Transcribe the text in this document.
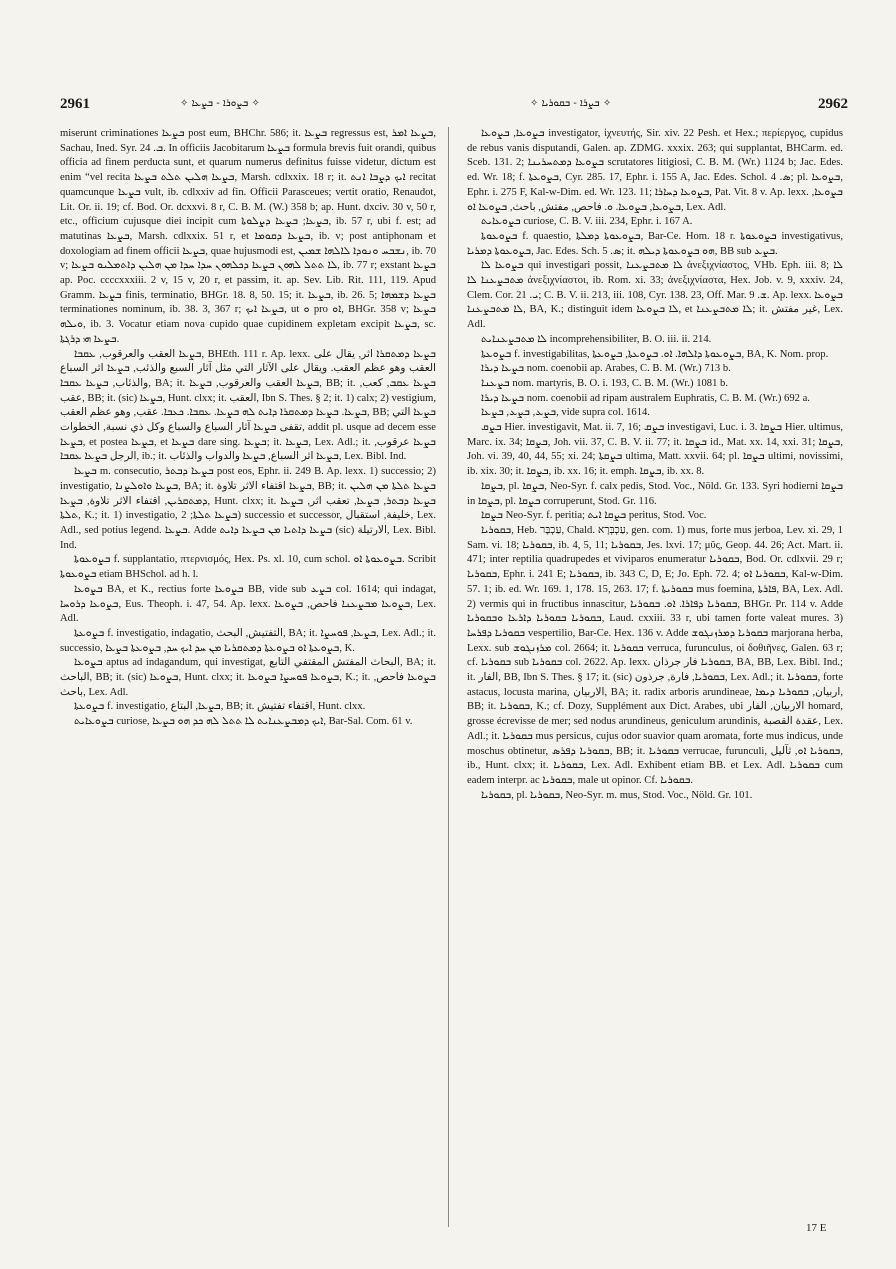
2961	✧ ܒܨܘܪܐ - ܒܨܥܐ ✧	✧ ܒܨܪܐ - ܒܩܘܪܝܐ ✧	2962

miserunt criminationes ܒܨܥܐ post eum, BHChr. 586; it. ܒܨܥܐ regressus est, ܒܨܥܐ ܐܡܪ, Sachau, Ined. Syr. ܒ. 24. In officiis Jacobitarum ܒܨܥܐ formula brevis fuit orandi, quibus officia ad finem perducta sunt, et quarum numerus definitus fuisse videtur, dictum est enim “vel recita ܒܨܥܐ ܗܠܝܢ ܬܠܬ ܒܨܥܐ, Marsh. cdlxxix. 18 r; it. ܐܝܟ ܕܨܒܐ ܐܢܬ recitat quamcunque ܒܨܥܐ vult, ib. cdlxxiv ad fin. Officii Parasceues; vertit oratio, Renaudot, Lit. Or. ii. 19; cf. Bod. Or. dcxxvi. 8 r, C. B. M. (W.) 358 b; ap. Hunt. dxciv. 30 v, 50 r, etc., officium cujusque diei incipit cum ܒܨܥܐ; ܒܨܥܐ ܕܨܠܘܬܐ, ib. 57 r, ubi f. est; ad matutinas ܒܨܥܐ, Marsh. cdlxxix. 51 r, et ܒܨܥܐ ܕܩܘܡܐ, ib. v; post antiphonam et doxologiam ad finem officii ܒܨܥܐ, quae hujusmodi est, ܢܫܒܚ ܘܢܘܕܐ ܠܐܠܗܐ ܫܡܝܢ, ib. 70 v; ܠܐ ܬܬܠ ܠܗܘܢ ܒܨܥܐ ܕܟܠܗܘܢ ܚܕܐ ܚܕܐ ܡܢ ܗܠܝܢ ܕܐܬܡܠܝܘ ܒܨܥܐ, ib. 77 r; exstant ܒܨܥܐ ap. Poc. ccccxxxiii. 2 v, 15 v, 20 r, et passim, it. ap. Sev. Lib. Rit. 111, 119. Apud Gramm. ܒܨܥܐ finis, terminatio, BHGr. 18. 8, 50. 15; it. ܒܨܥܐ, ib. 26. 5; ܒܨܥܐ ܕܫܡܗܐ terminationes nominum, ib. 38. 3, 367 r; ܒܨܥܐ ܐܝܟ, ut ܘ pro ܐܘ, BHGr. 358 v; ܒܨܥܐ ܘܝܠܗ, ib. 3. Vocatur etiam nova cupido quae cupidinem expletam excipit ܒܨܥܐ, sc. ܒܨܥܐ ܗܝ ܕܪܓܬܐ.

ܒܨܥܐ العقب والعرقوب, ܥܩܒܐ, BHEth. 111 r. Ap. lexx. ܒܨܥܐ ܕܡܬܩܪܐ اثر, يقال على العقب وهو عظم العقب. ويقال على الآثار التي مثل آثار السبع والذئب, ܒܨܥܐ اثر السباع والذئاب, ܒܨܥܐ ܥܩܒܐ, BA; it. ܒܨܥܐ العقب والعرقوب, ܒܨܥܐ, BB; it. ܒܨܥܐ ܥܩܒ, كعب, عقب, BB; it. (sic) ܒܨܥܐ, Hunt. clxx; it. العقب, Ibn S. Thes. § 2; it. 1) calx; 2) vestigium, ܒܨܥܐ. ܒܨܥܐ ܕܡܬܩܪܐ ܕܐܝܬ ܠܗ ܒܨܥܐ. ܥܩܒܐ. ܟܥܒܐ. عقب, وهو عظم العقب, BB; ܒܨܥܐ التي تقفى ܒܨܥܐ آثار السباع والسباع وكل ذي نسبة, الخطوات, addit pl. usque ad decem esse ܒܨܥܐ, et postea ܒܨܥܐ, et ܒܨܥܐ dare sing. ܒܨܥܐ; it. ܒܨܥܐ, Lex. Adl.; it. ܒܨܥܐ عرقوب, الرجل ܒܨܥܐ ܥܩܒܐ, ib.; it. ܒܨܥܐ اثر السباع, ܒܨܥܐ والدواب والذئاب, Lex. Bibl. Ind.

ܒܨܥܐ m. consecutio, ܒܨܥܐ ܕܒܬܪ post eos, Ephr. ii. 249 B. Ap. lexx. 1) successio; 2) investigatio, ܒܨܥܐ ܘܐܘܠܨܢܐ, BA; it. ܒܨܥܐ اقتفاء الاثر تلاوة, BB; it. ܒܨܥܐ ܬܠܬܐ ܡܢ ܗܠܝܢ ܕܡܬܩܪܝܢ, اقتفاء الاثر تلاوة, ܒܨܥܐ, Hunt. clxx; it. ܒܨܥܐ ܕܒܬܪ, ܒܨܥܐ, تعقب اثر, ܒܨܥܐ ܬܠܬܐ, K.; it. 1) investigatio, ܒܨܥܐ ܬܠܬܐ; 2) successio et successor, خليفة, استقبال, Lex. Adl., sed potius legend. ܒܨܥܐ. Adde ܒܨܥܐ ܕܐܬܝܐ ܡܢ ܒܨܥܐ ܕܐܝܬ (sic) الارتيلة, Lex. Bibl. Ind.

ܒܨܘܥܘܬܐ f. supplantatio, πτερνισμός, Hex. Ps. xl. 10, cum schol. ܒܨܘܥܘܬܐ ܐܘ. Scribit ܒܨܘܥܘܬܐ etiam BHSchol. ad h. l.

ܒܨܘܥܐ BA, et K., rectius forte ܒܨܘܥܐ BB, vide sub ܒܨܥ col. 1614; qui indagat, ܒܨܘܥܐ ܕܪܘܚܐ, Eus. Theoph. i. 47, 54. Ap. lexx. ܒܨܘܥܐ ܡܒܨܥܢܐ فاحص, ܒܨܘܥܐ, Lex. Adl.

ܒܨܘܥܬܐ f. investigatio, indagatio, التفتيش, البحث, BA; it. ܒܨܥܐ, ܦܘܚܨܐ, Lex. Adl.; it. successio, ܒܨܘܥܬܐ ܐܘ ܒܨܘܥܬܐ ܕܡܬܩܪܝܐ ܡܢ ܚܕ ܐܝܟ ܚܕ, ܒܨܘܥܬܐ ܒܨܥܐ, K.

ܒܨܘܥܐ aptus ad indagandum, qui investigat, البحاث المفتش المقتفي التابع, BA; it. الباحث, BB; it. (sic) ܒܨܘܥܐ, Hunt. clxx; it. ܒܨܘܥܐ ܦܘܚܨܐ ܒܨܘܥܐ, K.; it. ܒܨܘܥܐ فاحص, باحث, Lex. Adl.

ܒܨܘܥܬܐ f. investigatio, ܒܨܥܐ, البتاع, BB; it. اقتفاء تفتيش, Hunt. clxx.

ܒܨܘܥܐܝܬ curiose, ܐܝܟ ܕܡܒܨܥܢܐܝܬ ܠܐ ܬܬܠ ܠܗ ܟܕ ܗܘ ܒܨܥܐ, Bar-Sal. Com. 61 v.

ܒܨܘܥܐ, ܒܨܘܥܐ investigator, ἰχνευτής, Sir. xiv. 22 Pesh. et Hex.; περίεργος, cupidus de rebus vanis disputandi, Galen. ap. ZDMG. xxxix. 263; qui supplantat, BHCarm. ed. Sceb. 131. 2; ܒܨܘܥܐ ܕܡܬܚܪܝܢܐ scrutatores litigiosi, C. B. M. (Wr.) 1124 b; Jac. Edes. ed. Wr. 18; f. ܒܨܘܥܬܐ, Cyr. 285. 17, Ephr. i. 155 A, Jac. Edes. Schol. ܣ. 4; pl. ܒܨܘܥܐ, Ephr. i. 275 F, Kal-w-Dim. ed. Wr. 123. 11; ܒܨܘܥܐ ܕܚܐܪܐ, Pat. Vit. 8 v. Ap. lexx. ܒܨܘܥܐ, ܒܨܘܥܐ, ܒܨܘܥܐ. ܘ. فاحص, مفتش, باحث, ܒܨܘܥܐ ܐܘ, Lex. Adl.

ܒܨܘܥܐܝܬ curiose, C. B. V. iii. 234, Ephr. i. 167 A.

ܒܨܘܥܘܬܐ f. quaestio, ܒܨܘܥܘܬܐ ܕܡܠܬܐ, Bar-Ce. Hom. 18 r. ܒܨܘܥܘܬܐ investigativus, ܒܨܘܥܘܬܐ ܕܡܪܝܐ, Jac. Edes. Sch. ܣ. 5; it. ܗܘ ܒܨܘܥܘܬܐ ܕܝܠܗ, BB sub ܒܨܥ.

ܒܨܘܥܐ ܠܐ qui investigari possit, ܠܐ ܡܬܒܨܥܢܐ ἀνεξιχνίαστος, VHb. Eph. iii. 8; ܠܐ ܡܬܒܨܥܢܐ ܠܐ ἀνεξιχνίαστοι, ib. Rom. xi. 33; ἀνεξιχνίαστα, Hex. Job. v. 9, xxxiv. 24, Clem. Cor. ܝ. 21; C. B. V. ii. 213, iii. 108, Cyr. 138. 23, Off. Mar. ܫ. 9. Ap. lexx. ܒܨܘܥܐ ܠܐ ܡܬܒܨܥܢܐ, BA, K.; distinguit idem ܠܐ ܒܨܘܥܐ, et ܠܐ ܡܬܒܨܥܢܐ; it. غير مفتش, Lex. Adl.

ܠܐ ܡܬܒܨܥܢܐܝܬ incomprehensibiliter, B. O. iii. ii. 214.

ܒܨܘܥܬܐ f. investigabilitas, ܒܨܘܥܘܬܐ ܕܐܠܗܐ. ܐܘ. ܒܨܘܥܬܐ, ܒܨܘܥܬܐ, BA, K. Nom. prop.

ܒܨܥܐ ܕܝܪܐ nom. coenobii ap. Arabes, C. B. M. (Wr.) 713 b.

ܒܨܥܢܐ nom. martyris, B. O. i. 193, C. B. M. (Wr.) 1081 b.

ܒܨܥܐ ܕܝܪܐ nom. coenobii ad ripam australem Euphratis, C. B. M. (Wr.) 692 a.

ܒܨܥ, ܒܨܥ, ܒܨܥܐ, vide supra col. 1614.

ܒܨܩ Hier. investigavit, Mat. ii. 7, 16; ܒܨܩ investigavi, Luc. i. 3. ܒܨܩܐ Hier. ultimus, Marc. ix. 34; ܒܨܩܐ, Joh. vii. 37, C. B. V. ii. 77; it. ܒܨܩܐ id., Mat. xx. 14, xxi. 31; ܒܨܩܐ, Joh. vi. 39, 40, 44, 55; xi. 24; ܒܨܩܬܐ ultima, Matt. xxvii. 64; pl. ܒܨܩܐ ultimi, novissimi, ib. xix. 30; it. ܒܨܩܐ, ib. xx. 16; it. emph. ܒܨܩܐ, ib. xx. 8.

ܒܨܩܐ, pl. ܒܨܩܐ, Neo-Syr. f. calx pedis, Stod. Voc., Nöld. Gr. 133. Syri hodierni ܒܨܩܐ in ܒܨܩܐ, pl. ܒܨܩܐ corruperunt, Stod. Gr. 116.

ܒܨܩܐ Neo-Syr. f. peritia; ܒܨܩܐ ܐܝܬ peritus, Stod. Voc.

ܒܩܘܪܝܐ, Heb. עַכְבָּר, Chald. עַכְבְּרָא, gen. com. 1) mus, forte mus jerboa, Lev. xi. 29, 1 Sam. vi. 18; ܒܩܘܪܝܐ, ib. 4, 5, 11; ܒܩܘܪܝܐ, Jes. lxvi. 17; μῦς, Geop. 44. 26; Act. Mart. ii. 471; inter reptilia quadrupedes et viviparos enumeratur ܒܩܘܪܝܐ, Bod. Or. cdlxvii. 29 r; ܒܩܘܪܝܐ, Ephr. i. 241 E; ܒܩܘܪܝܐ, ib. 343 C, D, E; Jo. Eph. 72. 4; ܒܩܘܪܝܐ ܐܘ, Kal-w-Dim. 57. 1; ib. ed. Wr. 169. 1, 178. 15, 263. 17; f. ܒܩܘܪܝܬܐ mus foemina, ܦܐܪܬܐ, BA, Lex. Adl. 2) vermis qui in fructibus innascitur, ܒܩܘܪܝܐ ܕܦܐܪܐ. ܐܘ. ܒܩܘܪܝܐ, BHGr. Pr. 114 v. Adde ܒܩܘܪܝܐ ܒܩܘܪܝܐ ܕܐܪܥܐ ܘܒܩܘܪܝܐ, Laud. cxxiii. 33 r, ubi tamen forte valeat mures. 3) ܒܩܘܪܝܐ ܕܦܪܚܐ vespertilio, Bar-Ce. Hex. 136 v. Adde ܒܩܘܪܝܐ ܕܡܪܙܢܓܘܫ marjorana herba, Lexx. sub ܡܪܙܢܓܘܫ col. 2664; it. ܒܩܘܪܝܐ verruca, furunculus, οἱ δοθιῆνες, Galen. 63 r; cf. ܒܩܘܪܝܐ sub ܒܩܘܪܝܐ col. 2622. Ap. lexx. ܒܩܘܪܝܐ فار جرذان, BA, BB, Lex. Bibl. Ind.; it. الفار, BB, Ibn S. Thes. § 17; it. (sic) ܒܩܘܪܝܐ, فارة, جرذون, Lex. Adl.; it. ܒܩܘܪܝܐ, forte astacus, locusta marina, الاربيان, BA; it. radix arboris arundineae, اربيان, ܒܩܘܪܝܐ ܕܝܡܐ, BB; it. ܒܩܘܪܝܐ, K.; cf. Dozy, Supplément aux Dict. Arabes, ubi الاربيان, الفار homard, grosse écrevisse de mer; sed nodus arundineus, geniculum arundinis, عقدة القصبة, Lex. Adl.; it. ܒܩܘܪܝܐ mus persicus, cujus odor suavior quam aromata, forte mus indicus, unde moschus obtinetur, ܒܩܘܪܝܐ ܕܦܪܣ, BB; it. ܒܩܘܪܝܐ verrucae, furunculi, ܒܩܘܪܝܐ ܐܘ, ثآليل, ib., Hunt. clxx; it. ܒܩܘܪܝܐ, Lex. Adl. Exhibent etiam BB. et Lex. Adl. ܒܩܘܪܝܐ cum eadem interpr. ac ܒܩܘܪܝܐ, male ut opinor. Cf. ܒܩܘܪܝܐ.

ܒܩܘܪܝܐ, pl. ܒܩܘܪܝܐ, Neo-Syr. m. mus, Stod. Voc., Nöld. Gr. 101.

17 E
